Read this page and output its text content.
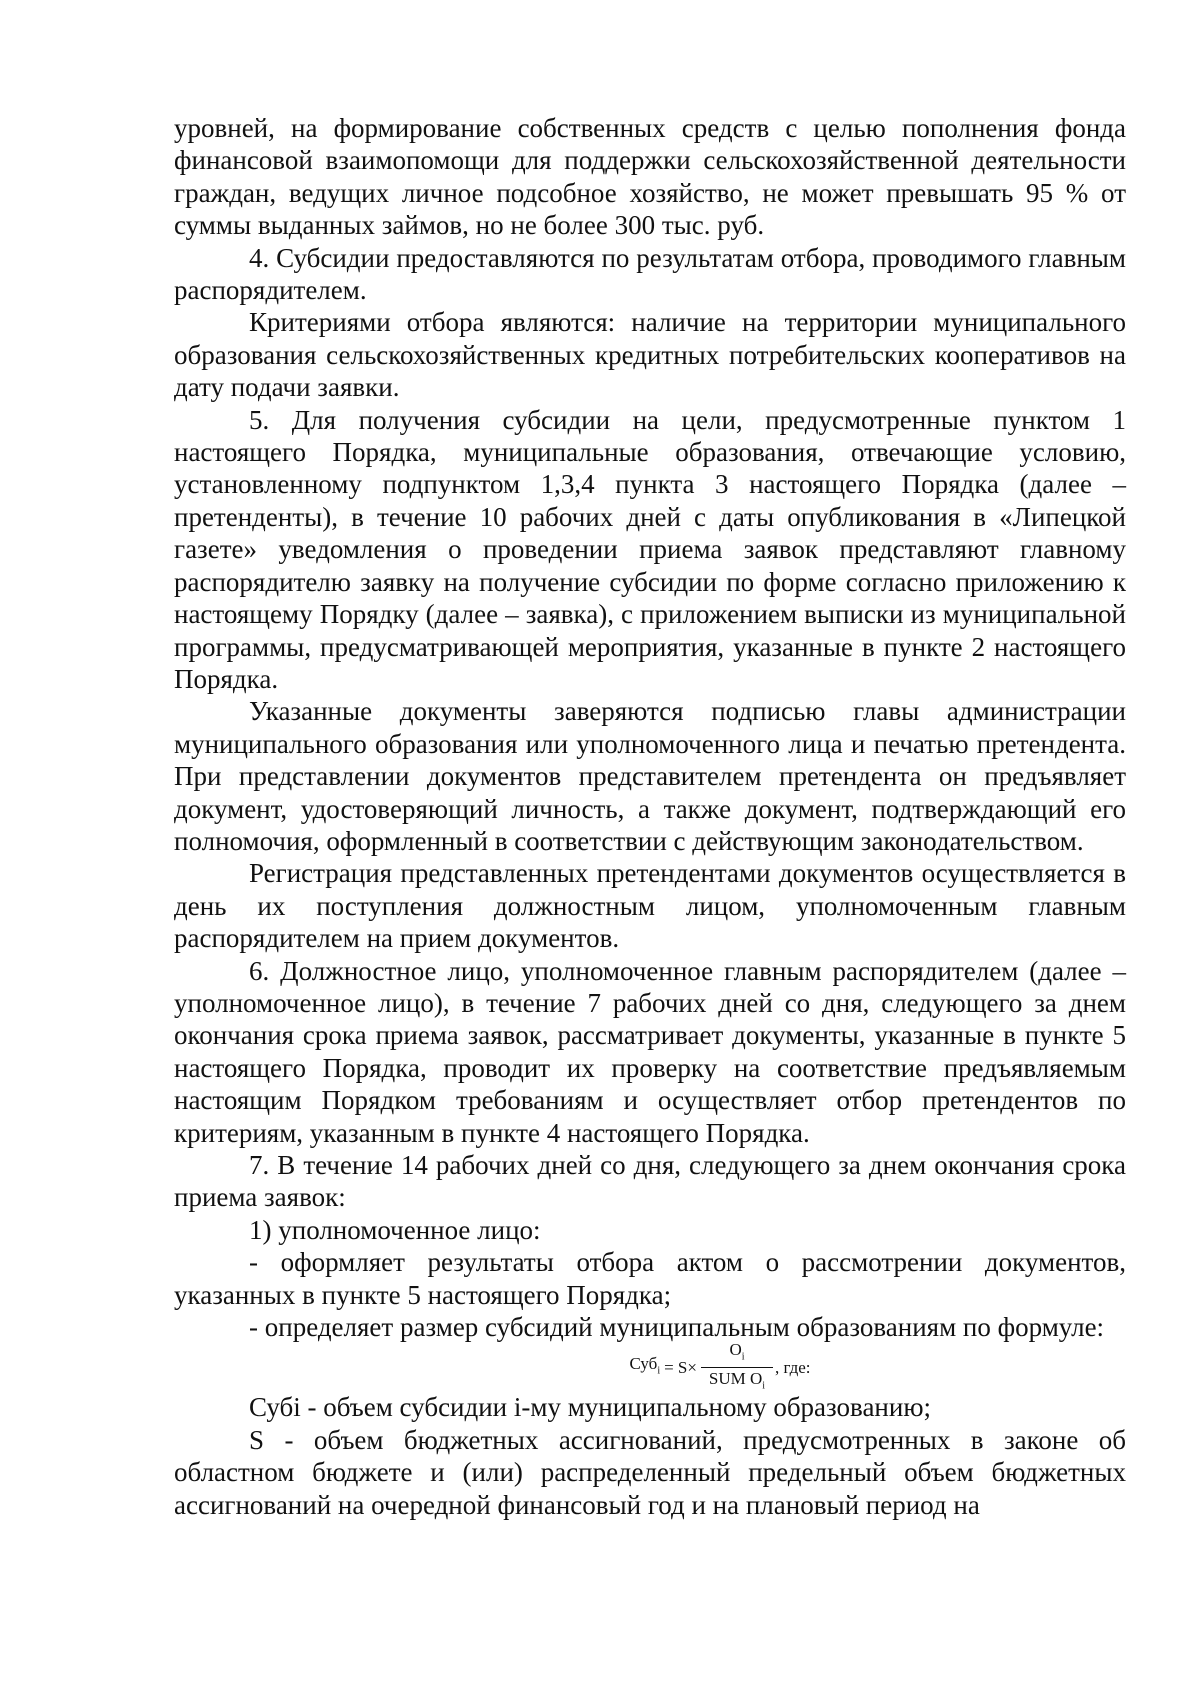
уровней, на формирование собственных средств с целью пополнения фонда финансовой взаимопомощи для поддержки сельскохозяйственной деятельности граждан, ведущих личное подсобное хозяйство, не может превышать 95 % от суммы выданных займов, но не более 300 тыс. руб.

4. Субсидии предоставляются по результатам отбора, проводимого главным распорядителем.

Критериями отбора являются: наличие на территории муниципального образования сельскохозяйственных кредитных потребительских кооперативов на дату подачи заявки.

5. Для получения субсидии на цели, предусмотренные пунктом 1 настоящего Порядка, муниципальные образования, отвечающие условию, установленному подпунктом 1,3,4 пункта 3 настоящего Порядка (далее – претенденты), в течение 10 рабочих дней с даты опубликования в «Липецкой газете» уведомления о проведении приема заявок представляют главному распорядителю заявку на получение субсидии по форме согласно приложению к настоящему Порядку (далее – заявка), с приложением выписки из муниципальной программы, предусматривающей мероприятия, указанные в пункте 2 настоящего Порядка.

Указанные документы заверяются подписью главы администрации муниципального образования или уполномоченного лица и печатью претендента. При представлении документов представителем претендента он предъявляет документ, удостоверяющий личность, а также документ, подтверждающий его полномочия, оформленный в соответствии с действующим законодательством.

Регистрация представленных претендентами документов осуществляется в день их поступления должностным лицом, уполномоченным главным распорядителем на прием документов.

6. Должностное лицо, уполномоченное главным распорядителем (далее – уполномоченное лицо), в течение 7 рабочих дней со дня, следующего за днем окончания срока приема заявок, рассматривает документы, указанные в пункте 5 настоящего Порядка, проводит их проверку на соответствие предъявляемым настоящим Порядком требованиям и осуществляет отбор претендентов по критериям, указанным в пункте 4 настоящего Порядка.

7. В течение 14 рабочих дней со дня, следующего за днем окончания срока приема заявок:

1) уполномоченное лицо:

- оформляет результаты отбора актом о рассмотрении документов, указанных в пункте 5 настоящего Порядка;

- определяет размер субсидий муниципальным образованиям по формуле:

$Суб_i = S\times \frac{O_i}{SUM O_i}$ , где:

Субi - объем субсидии i-му муниципальному образованию;

S - объем бюджетных ассигнований, предусмотренных в законе об областном бюджете и (или) распределенный предельный объем бюджетных ассигнований на очередной финансовый год и на плановый период на
